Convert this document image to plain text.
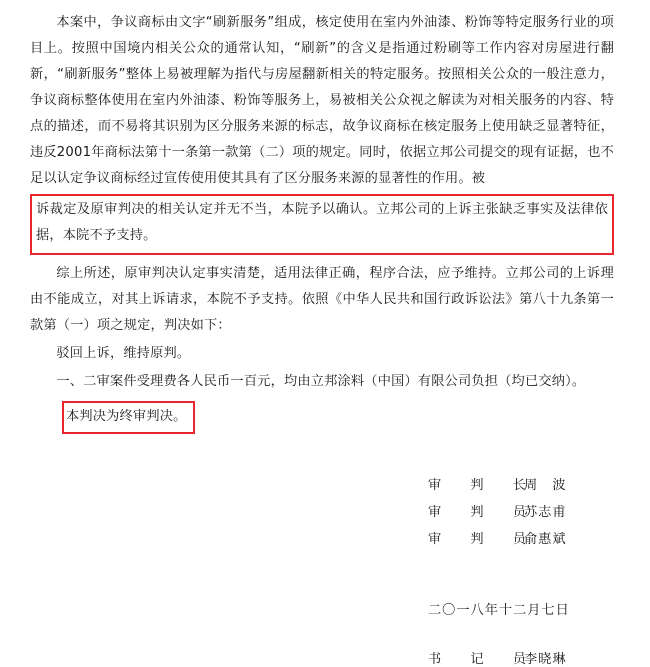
本案中，争议商标由文字“刷新服务”组成，核定使用在室内外油漆、粉饰等特定服务行业的项目上。按照中国境内相关公众的通常认知，“刷新”的含义是指通过粉刷等工作内容对房屋进行翻新，“刷新服务”整体上易被理解为指代与房屋翻新相关的特定服务。按照相关公众的一般注意力，争议商标整体使用在室内外油漆、粉饰等服务上，易被相关公众视之解读为对相关服务的内容、特点的描述，而不易将其识别为区分服务来源的标志，故争议商标在核定服务上使用缺乏显著特征，违反2001年商标法第十一条第一款第（二）项的规定。同时，依据立邦公司提交的现有证据，也不足以认定争议商标经过宣传使用使其具有了区分服务来源的显著性的作用。被

诉裁定及原审判决的相关认定并无不当，本院予以确认。立邦公司的上诉主张缺乏事实及法律依据，本院不予支持。

综上所述，原审判决认定事实清楚，适用法律正确，程序合法，应予维持。立邦公司的上诉理由不能成立，对其上诉请求，本院不予支持。依照《中华人民共和国行政诉讼法》第八十九条第一款第（一）项之规定，判决如下：

驳回上诉，维持原判。

一、二审案件受理费各人民币一百元，均由立邦涂料（中国）有限公司负担（均已交纳）。

本判决为终审判决。

审　判　长
周　波
审　判　员
苏志甫
审　判　员
俞惠斌
二〇一八年十二月七日
书　记　员
李晓琳
